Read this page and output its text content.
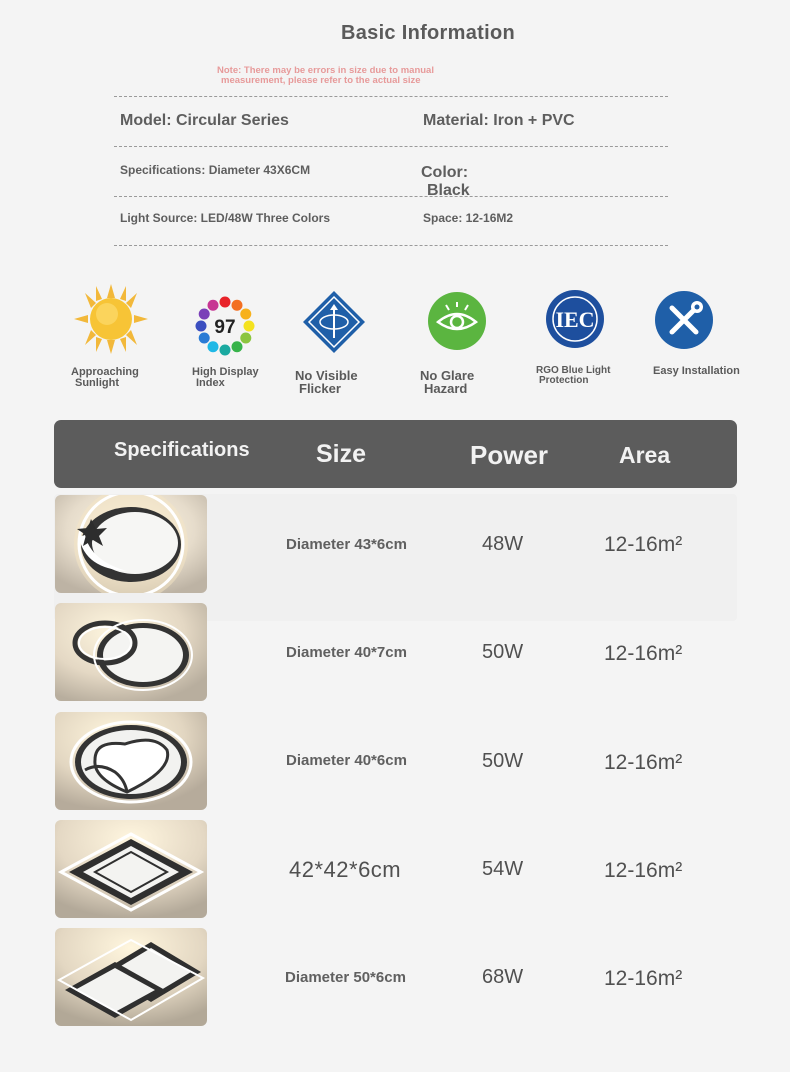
Basic Information
Note: There may be errors in size due to manual
measurement, please refer to the actual size
Model: Circular Series	Material: Iron + PVC
Specifications: Diameter 43X6CM	Color:
Black
Light Source: LED/48W Three Colors	Space: 12-16M2
Approaching
Sunlight
97
High Display
Index	No Visible
Flicker
No Glare
Hazard
IEC
RGO Blue Light
Protection
Easy Installation
Specifications	Size	Power	Area
Diameter 43*6cm	48W	12-16m²
Diameter 40*7cm	50W	12-16m²
Diameter 40*6cm	50W	12-16m²
42*42*6cm	54W	12-16m²
Diameter 50*6cm	68W	12-16m²
